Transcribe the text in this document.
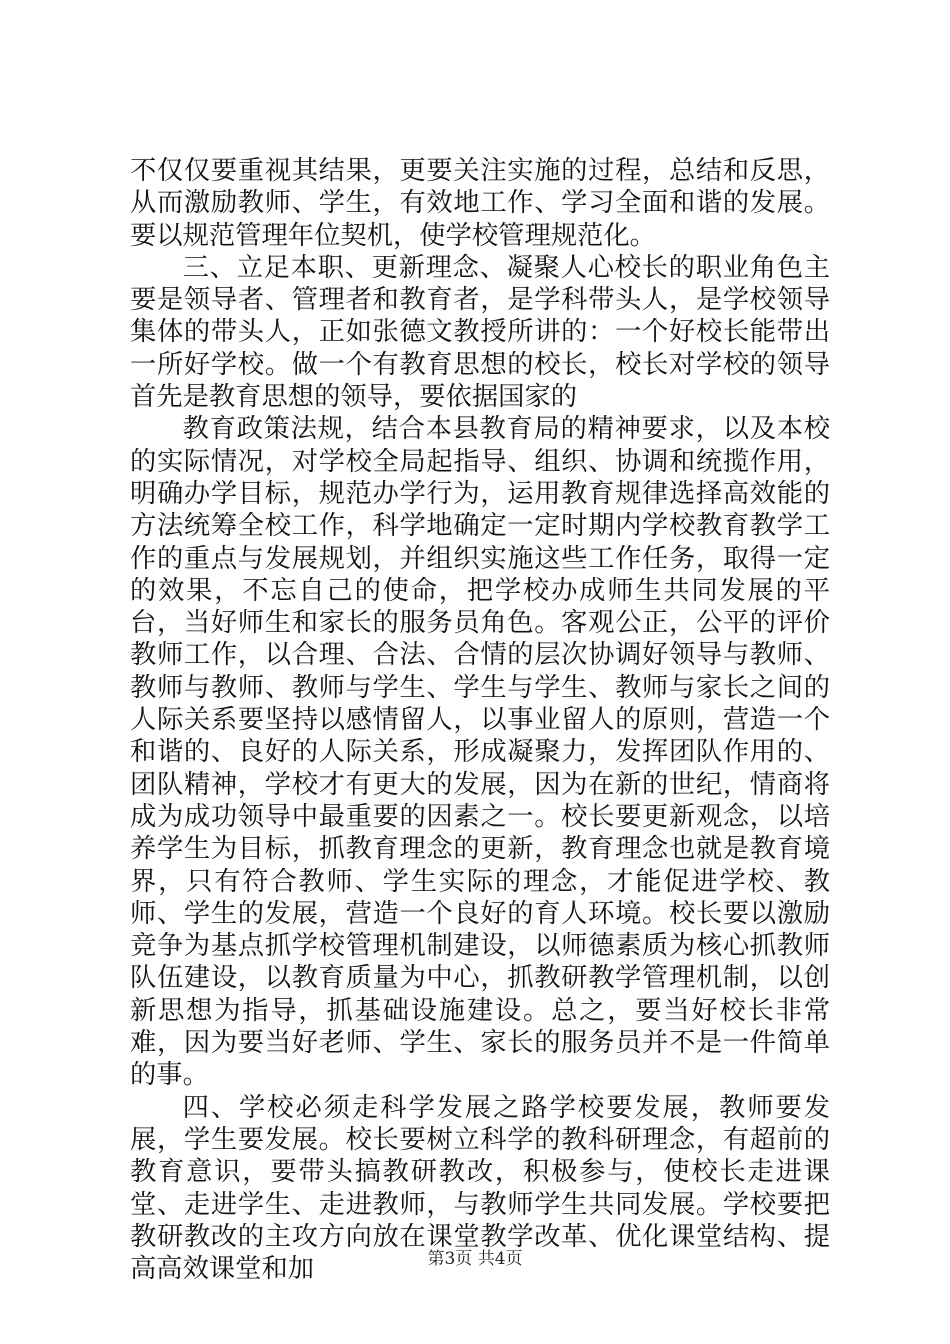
不仅仅要重视其结果，更要关注实施的过程，总结和反思，从而激励教师、学生，有效地工作、学习全面和谐的发展。要以规范管理年位契机，使学校管理规范化。

三、立足本职、更新理念、凝聚人心校长的职业角色主要是领导者、管理者和教育者，是学科带头人，是学校领导集体的带头人，正如张德文教授所讲的：一个好校长能带出一所好学校。做一个有教育思想的校长，校长对学校的领导首先是教育思想的领导，要依据国家的

教育政策法规，结合本县教育局的精神要求，以及本校的实际情况，对学校全局起指导、组织、协调和统揽作用，明确办学目标，规范办学行为，运用教育规律选择高效能的方法统筹全校工作，科学地确定一定时期内学校教育教学工作的重点与发展规划，并组织实施这些工作任务，取得一定的效果，不忘自己的使命，把学校办成师生共同发展的平台，当好师生和家长的服务员角色。客观公正，公平的评价教师工作，以合理、合法、合情的层次协调好领导与教师、教师与教师、教师与学生、学生与学生、教师与家长之间的人际关系要坚持以感情留人，以事业留人的原则，营造一个和谐的、良好的人际关系，形成凝聚力，发挥团队作用的、团队精神，学校才有更大的发展，因为在新的世纪，情商将成为成功领导中最重要的因素之一。校长要更新观念，以培养学生为目标，抓教育理念的更新，教育理念也就是教育境界，只有符合教师、学生实际的理念，才能促进学校、教师、学生的发展，营造一个良好的育人环境。校长要以激励竞争为基点抓学校管理机制建设，以师德素质为核心抓教师队伍建设，以教育质量为中心，抓教研教学管理机制，以创新思想为指导，抓基础设施建设。总之，要当好校长非常难，因为要当好老师、学生、家长的服务员并不是一件简单的事。

四、学校必须走科学发展之路学校要发展，教师要发展，学生要发展。校长要树立科学的教科研理念，有超前的教育意识，要带头搞教研教改，积极参与，使校长走进课堂、走进学生、走进教师，与教师学生共同发展。学校要把教研教改的主攻方向放在课堂教学改革、优化课堂结构、提高高效课堂和加	第3页 共4页
